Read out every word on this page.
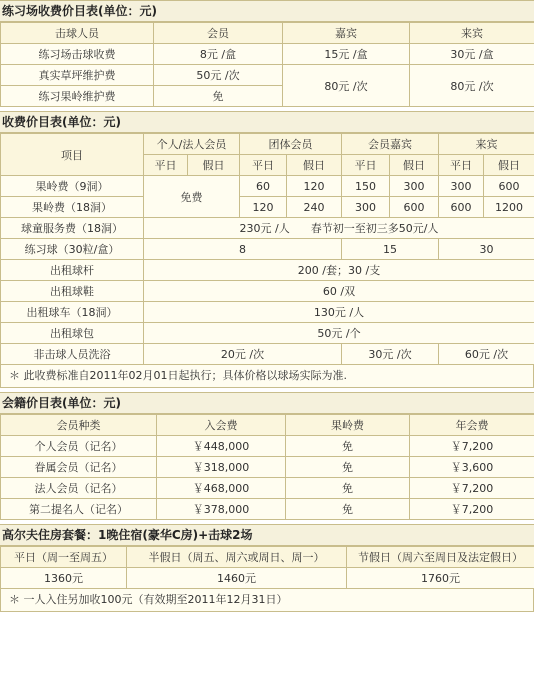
练习场收费价目表(单位：元)
击球人员	会员	嘉宾	来宾
练习场击球收费	8元 /盒	15元 /盒	30元 /盒
真实草坪维护费	50元 /次	80元 /次	80元 /次
练习果岭维护费	免		
收费价目表(单位：元)
项目	个人/法人会员		团体会员		会员嘉宾		来宾	
	平日	假日	平日	假日	平日	假日	平日	假日
果岭费（9洞）	免费		60	120	150	300	300	600
果岭费（18洞）			120	240	300	600	600	1200
球童服务费（18洞）	230元 /人      春节初一至初三多50元/人							
练习球（30粒/盒）	8				15		30	
出租球杆	200 /套；30 /支							
出租球鞋	60 /双							
出租球车（18洞）	130元 /人							
出租球包	50元 /个							
非击球人员洗浴	20元 /次				30元 /次		60元 /次	
＊ 此收费标准自2011年02月01日起执行；具体价格以球场实际为准.
会籍价目表(单位：元)
会员种类	入会费	果岭费	年会费
个人会员（记名）	￥448,000	免	￥7,200
眷属会员（记名）	￥318,000	免	￥3,600
法人会员（记名）	￥468,000	免	￥7,200
第二提名人（记名）	￥378,000	免	￥7,200
高尔夫住房套餐：1晚住宿(豪华C房)+击球2场
平日（周一至周五）	半假日（周五、周六或周日、周一）	节假日（周六至周日及法定假日）
1360元	1460元	1760元
＊ 一人入住另加收100元（有效期至2011年12月31日）
